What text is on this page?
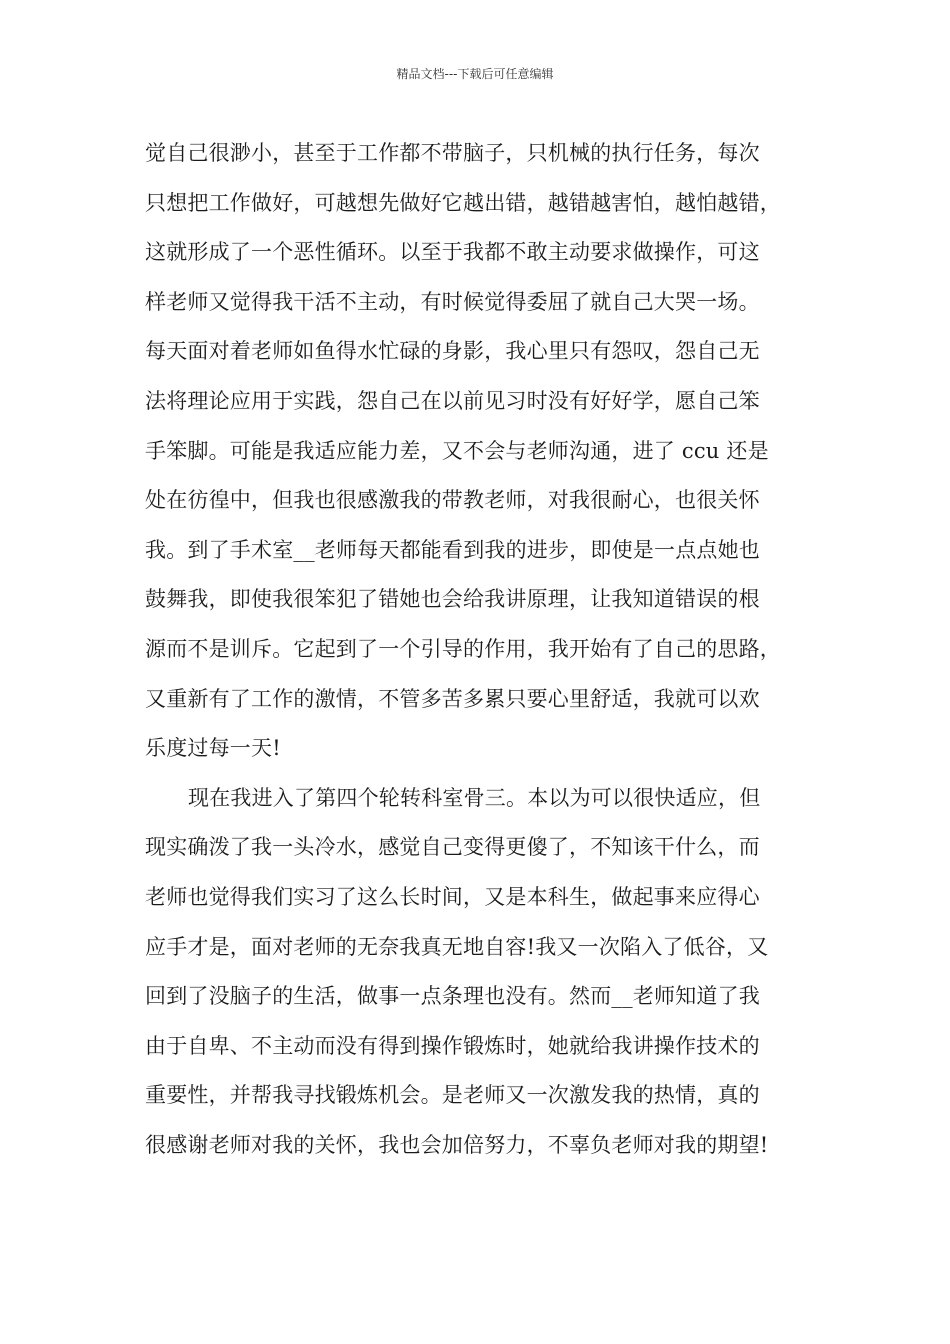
精品文档---下载后可任意编辑
觉自己很渺小，甚至于工作都不带脑子，只机械的执行任务，每次
只想把工作做好，可越想先做好它越出错，越错越害怕，越怕越错，
这就形成了一个恶性循环。以至于我都不敢主动要求做操作，可这
样老师又觉得我干活不主动，有时候觉得委屈了就自己大哭一场。
每天面对着老师如鱼得水忙碌的身影，我心里只有怨叹，怨自己无
法将理论应用于实践，怨自己在以前见习时没有好好学，愿自己笨
手笨脚。可能是我适应能力差，又不会与老师沟通，进了 ccu 还是
处在彷徨中，但我也很感激我的带教老师，对我很耐心，也很关怀
我。到了手术室__老师每天都能看到我的进步，即使是一点点她也
鼓舞我，即使我很笨犯了错她也会给我讲原理，让我知道错误的根
源而不是训斥。它起到了一个引导的作用，我开始有了自己的思路，
又重新有了工作的激情，不管多苦多累只要心里舒适，我就可以欢
乐度过每一天!
现在我进入了第四个轮转科室骨三。本以为可以很快适应，但
现实确泼了我一头冷水，感觉自己变得更傻了，不知该干什么，而
老师也觉得我们实习了这么长时间，又是本科生，做起事来应得心
应手才是，面对老师的无奈我真无地自容!我又一次陷入了低谷，又
回到了没脑子的生活，做事一点条理也没有。然而__老师知道了我
由于自卑、不主动而没有得到操作锻炼时，她就给我讲操作技术的
重要性，并帮我寻找锻炼机会。是老师又一次激发我的热情，真的
很感谢老师对我的关怀，我也会加倍努力，不辜负老师对我的期望!
